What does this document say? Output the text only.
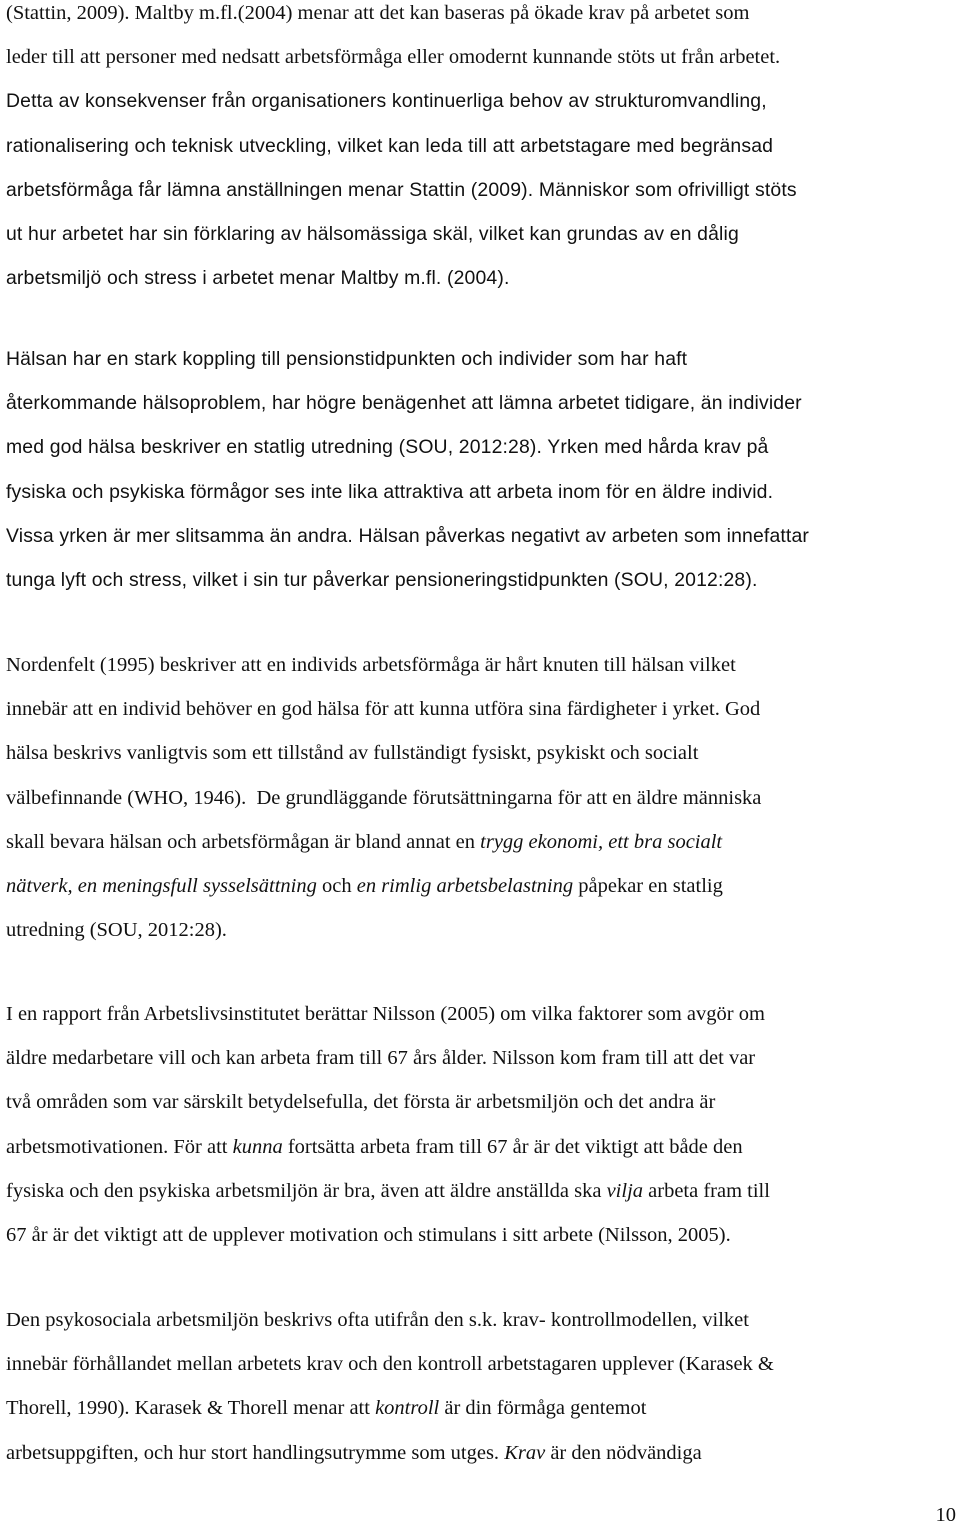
(Stattin, 2009). Maltby m.fl.(2004) menar att det kan baseras på ökade krav på arbetet som
leder till att personer med nedsatt arbetsförmåga eller omodernt kunnande stöts ut från arbetet.
Detta av konsekvenser från organisationers kontinuerliga behov av strukturomvandling,
rationalisering och teknisk utveckling, vilket kan leda till att arbetstagare med begränsad
arbetsförmåga får lämna anställningen menar Stattin (2009). Människor som ofrivilligt stöts
ut hur arbetet har sin förklaring av hälsomässiga skäl, vilket kan grundas av en dålig
arbetsmiljö och stress i arbetet menar Maltby m.fl. (2004).
Hälsan har en stark koppling till pensionstidpunkten och individer som har haft
återkommande hälsoproblem, har högre benägenhet att lämna arbetet tidigare, än individer
med god hälsa beskriver en statlig utredning (SOU, 2012:28). Yrken med hårda krav på
fysiska och psykiska förmågor ses inte lika attraktiva att arbeta inom för en äldre individ.
Vissa yrken är mer slitsamma än andra. Hälsan påverkas negativt av arbeten som innefattar
tunga lyft och stress, vilket i sin tur påverkar pensioneringstidpunkten (SOU, 2012:28).
Nordenfelt (1995) beskriver att en individs arbetsförmåga är hårt knuten till hälsan vilket
innebär att en individ behöver en god hälsa för att kunna utföra sina färdigheter i yrket. God
hälsa beskrivs vanligtvis som ett tillstånd av fullständigt fysiskt, psykiskt och socialt
välbefinnande (WHO, 1946).  De grundläggande förutsättningarna för att en äldre människa
skall bevara hälsan och arbetsförmågan är bland annat en trygg ekonomi, ett bra socialt
nätverk, en meningsfull sysselsättning och en rimlig arbetsbelastning påpekar en statlig
utredning (SOU, 2012:28).
I en rapport från Arbetslivsinstitutet berättar Nilsson (2005) om vilka faktorer som avgör om
äldre medarbetare vill och kan arbeta fram till 67 års ålder. Nilsson kom fram till att det var
två områden som var särskilt betydelsefulla, det första är arbetsmiljön och det andra är
arbetsmotivationen. För att kunna fortsätta arbeta fram till 67 år är det viktigt att både den
fysiska och den psykiska arbetsmiljön är bra, även att äldre anställda ska vilja arbeta fram till
67 år är det viktigt att de upplever motivation och stimulans i sitt arbete (Nilsson, 2005).
Den psykosociala arbetsmiljön beskrivs ofta utifrån den s.k. krav- kontrollmodellen, vilket
innebär förhållandet mellan arbetets krav och den kontroll arbetstagaren upplever (Karasek &
Thorell, 1990). Karasek & Thorell menar att kontroll är din förmåga gentemot
arbetsuppgiften, och hur stort handlingsutrymme som utges. Krav är den nödvändiga

10
